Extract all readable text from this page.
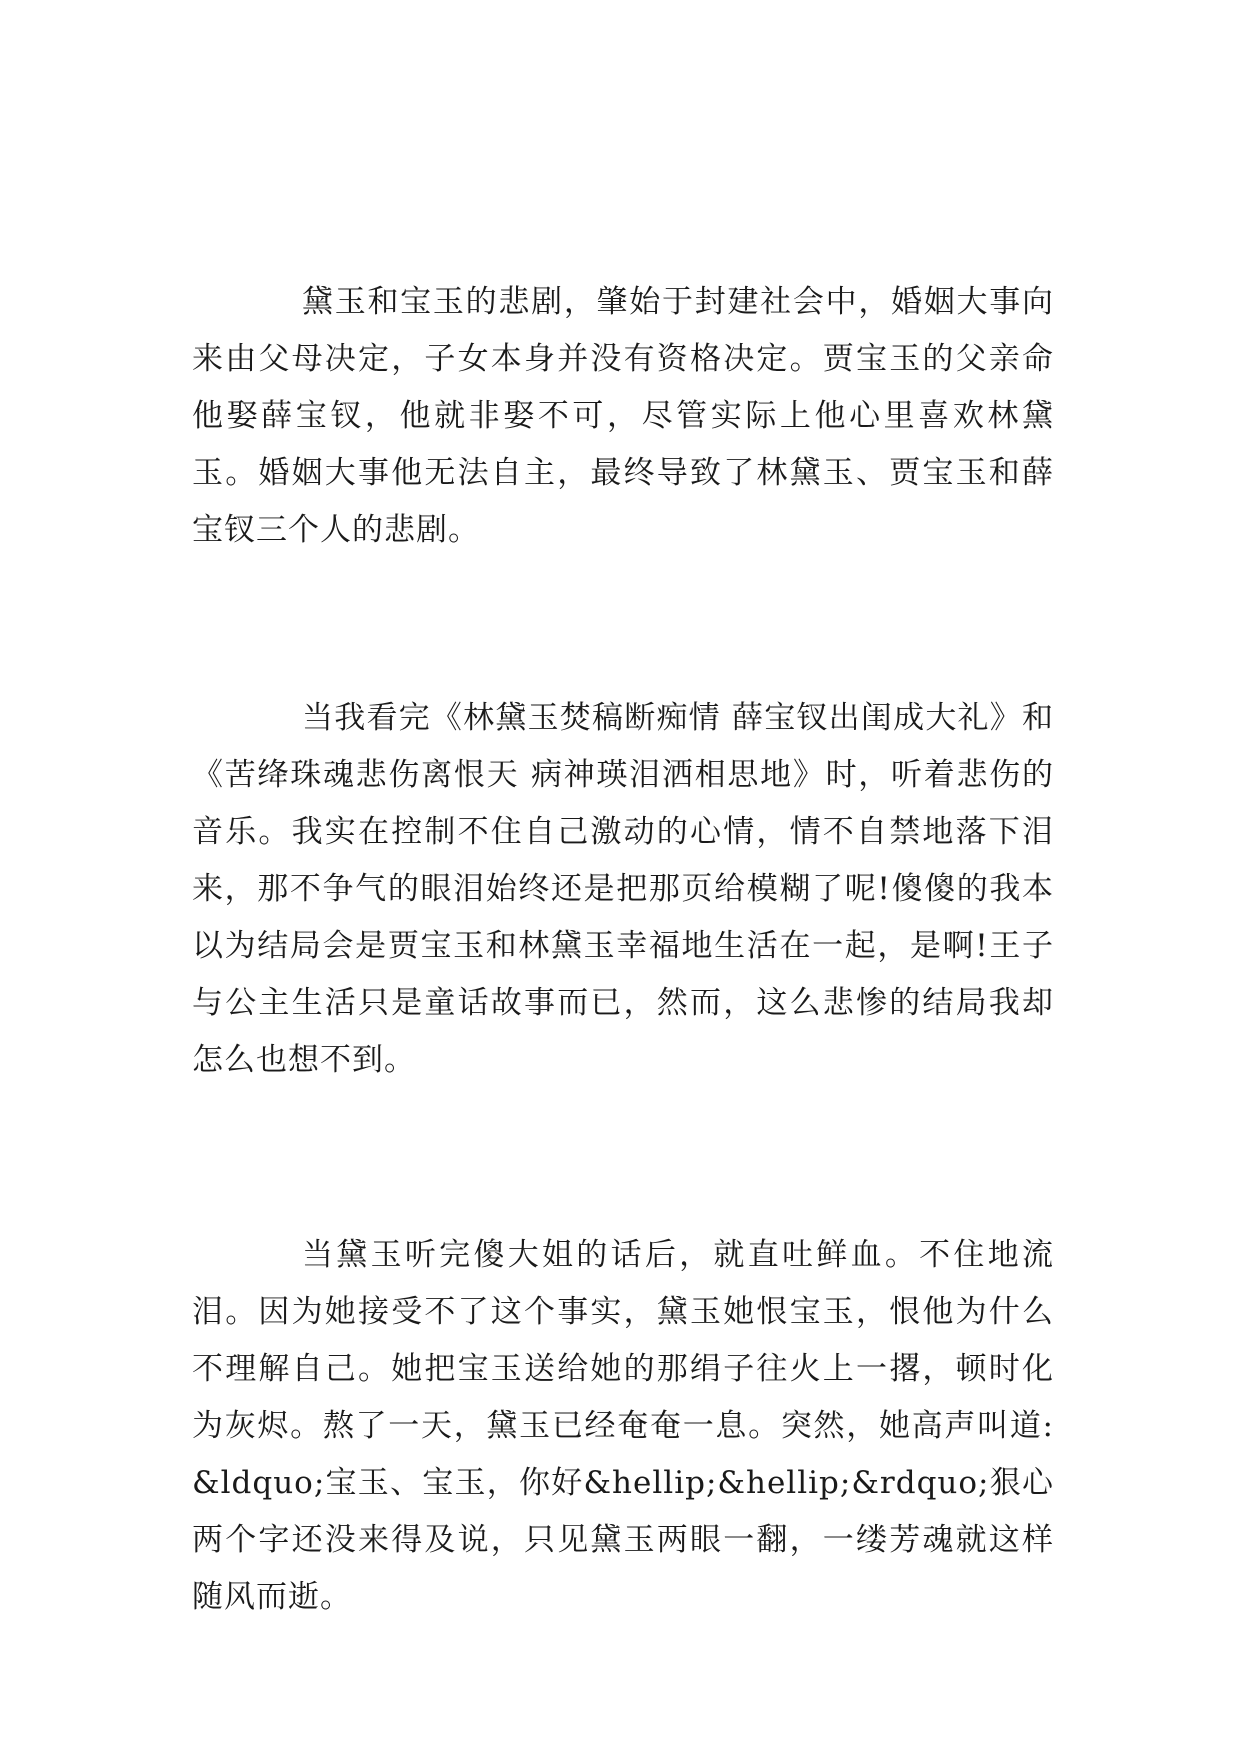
黛玉和宝玉的悲剧，肇始于封建社会中，婚姻大事向来由父母决定，子女本身并没有资格决定。贾宝玉的父亲命他娶薛宝钗，他就非娶不可，尽管实际上他心里喜欢林黛玉。婚姻大事他无法自主，最终导致了林黛玉、贾宝玉和薛宝钗三个人的悲剧。

当我看完《林黛玉焚稿断痴情 薛宝钗出闺成大礼》和《苦绛珠魂悲伤离恨天 病神瑛泪洒相思地》时，听着悲伤的音乐。我实在控制不住自己激动的心情，情不自禁地落下泪来，那不争气的眼泪始终还是把那页给模糊了呢!傻傻的我本以为结局会是贾宝玉和林黛玉幸福地生活在一起，是啊!王子与公主生活只是童话故事而已，然而，这么悲惨的结局我却怎么也想不到。

当黛玉听完傻大姐的话后，就直吐鲜血。不住地流泪。因为她接受不了这个事实，黛玉她恨宝玉，恨他为什么不理解自己。她把宝玉送给她的那绢子往火上一撂，顿时化为灰烬。熬了一天，黛玉已经奄奄一息。突然，她高声叫道: &ldquo;宝玉、宝玉，你好&hellip;&hellip;&rdquo;狠心两个字还没来得及说，只见黛玉两眼一翻，一缕芳魂就这样随风而逝。
